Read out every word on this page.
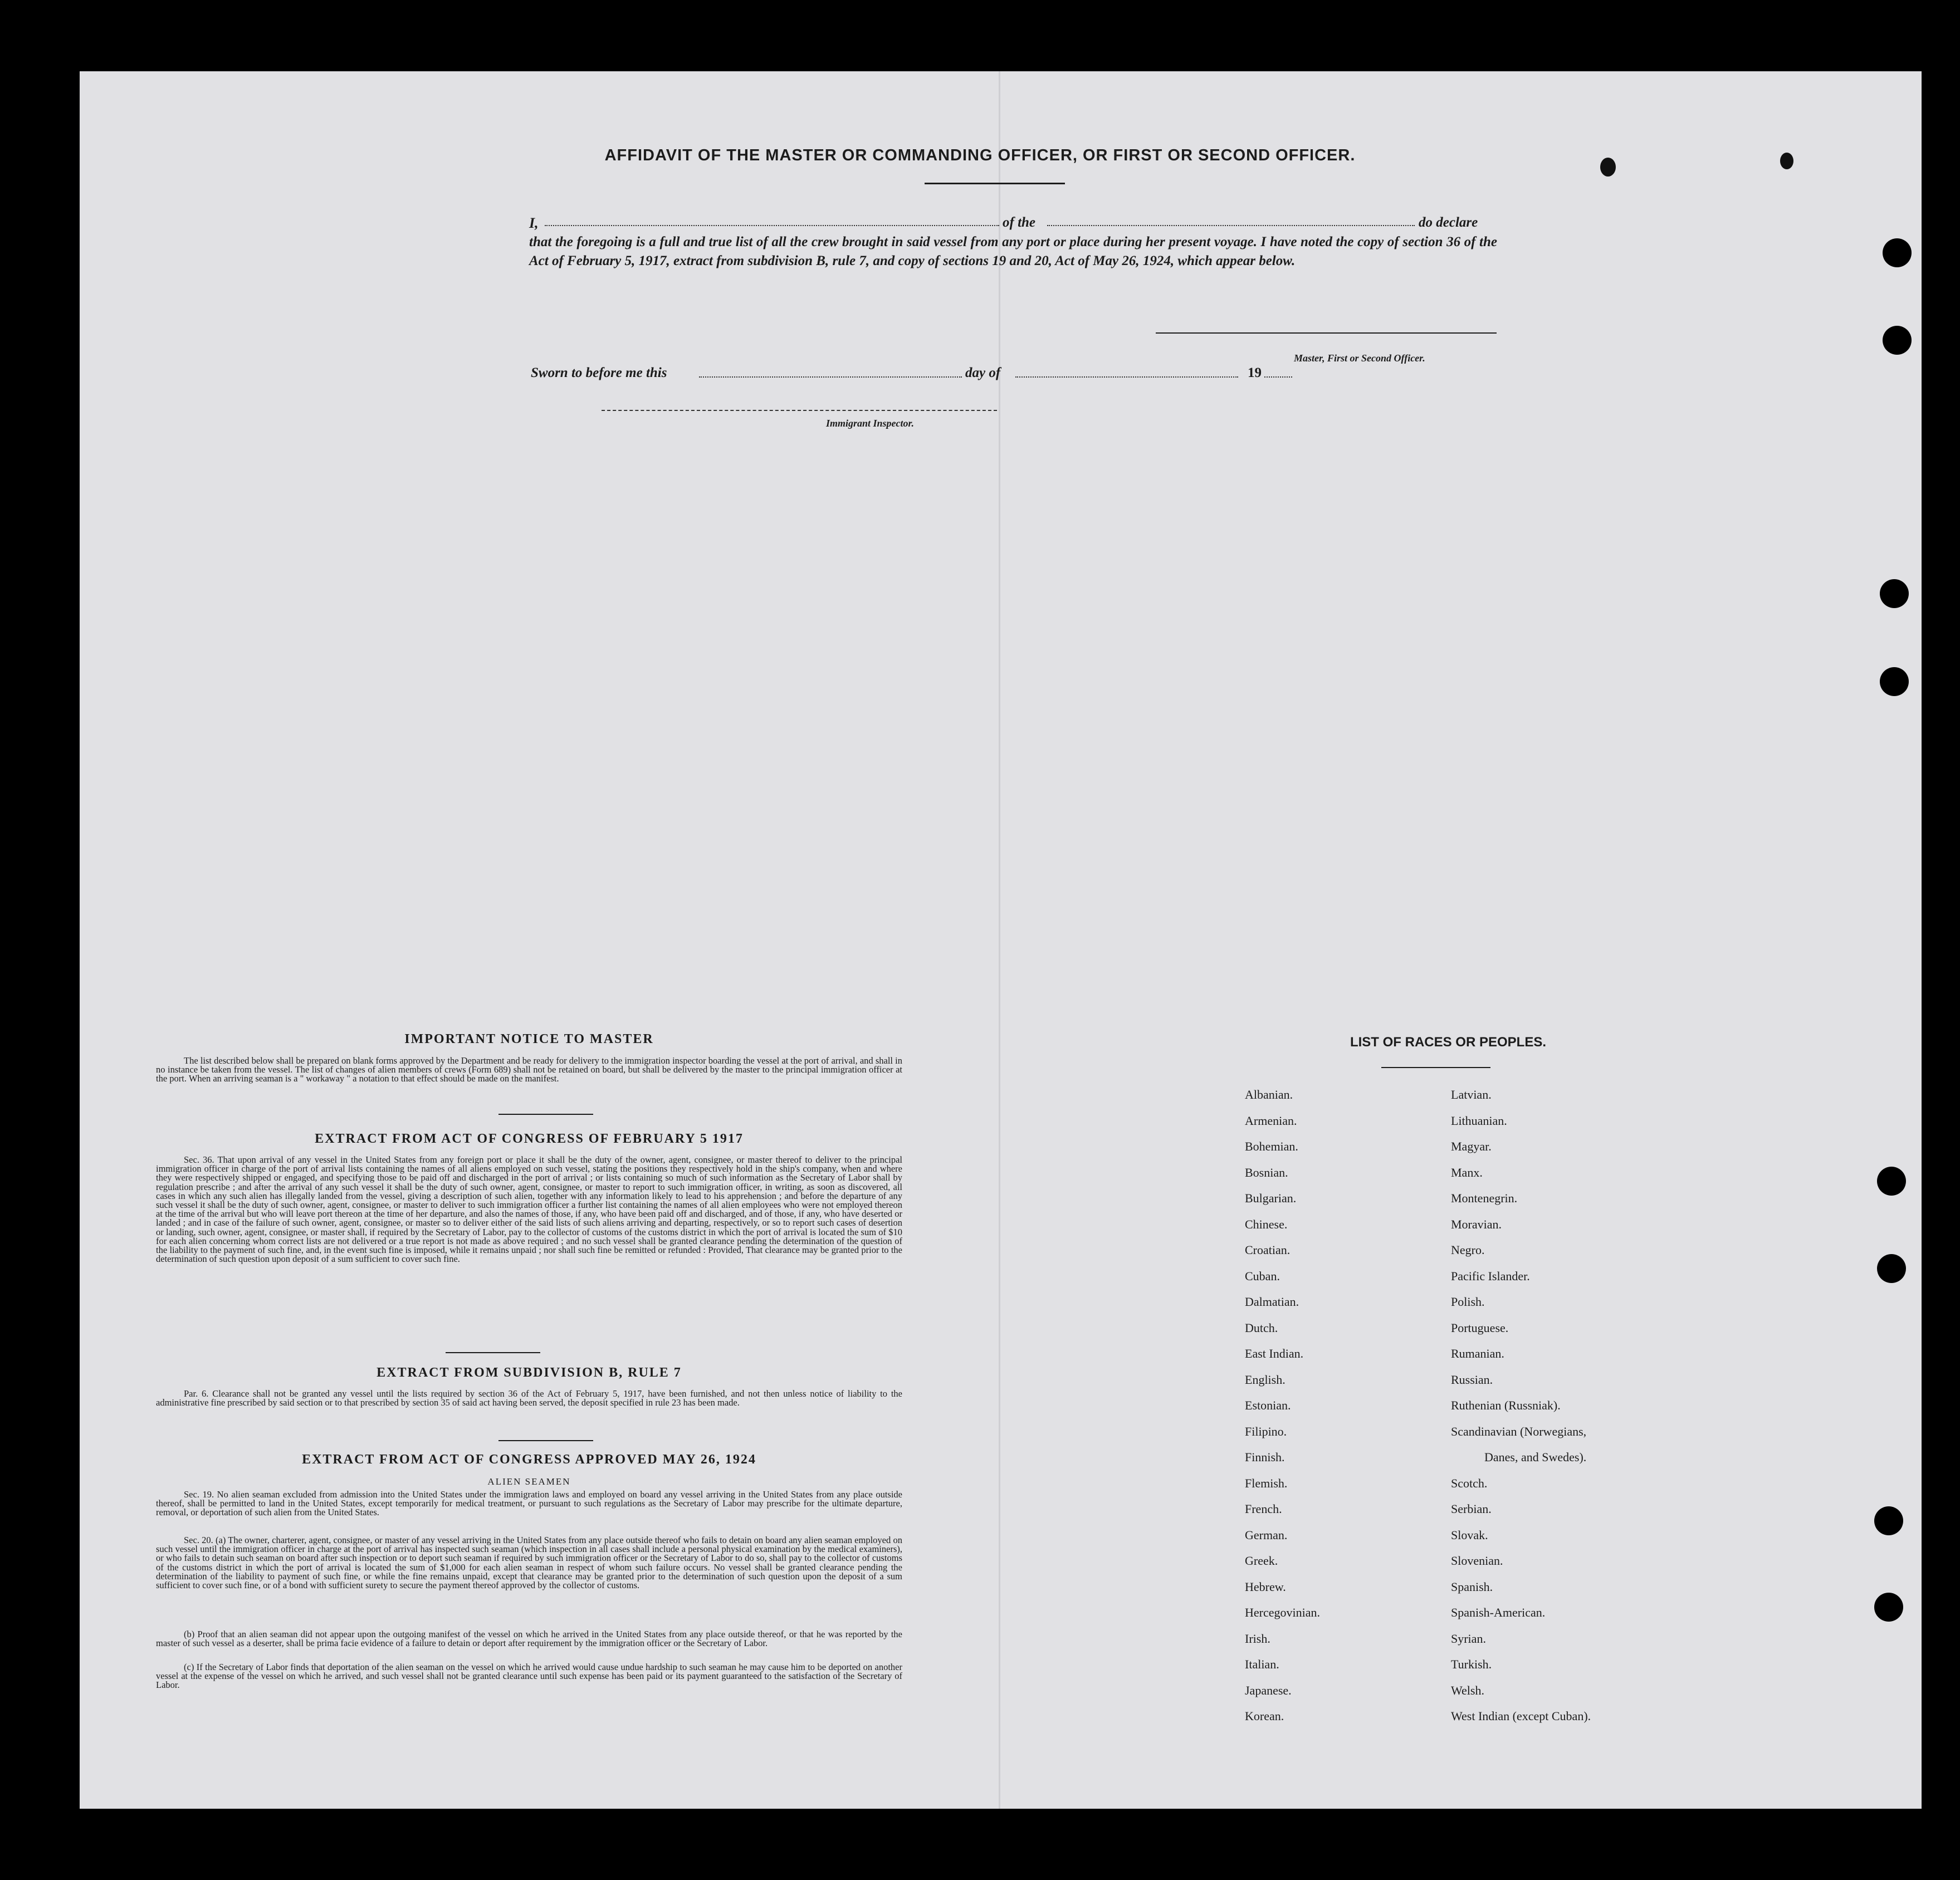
AFFIDAVIT OF THE MASTER OR COMMANDING OFFICER, OR FIRST OR SECOND OFFICER.
I,	of the	do declare
that the foregoing is a full and true list of all the crew brought in said vessel from any port or place during her present voyage. I have noted the copy of section 36 of the Act of February 5, 1917, extract from subdivision B, rule 7, and copy of sections 19 and 20, Act of May 26, 1924, which appear below.
Master, First or Second Officer.
Sworn to before me this	day of	19
Immigrant Inspector.
IMPORTANT NOTICE TO MASTER
The list described below shall be prepared on blank forms approved by the Department and be ready for delivery to the immigration inspector boarding the vessel at the port of arrival, and shall in no instance be taken from the vessel. The list of changes of alien members of crews (Form 689) shall not be retained on board, but shall be delivered by the master to the principal immigration officer at the port. When an arriving seaman is a " workaway " a notation to that effect should be made on the manifest.
EXTRACT FROM ACT OF CONGRESS OF FEBRUARY 5 1917
Sec. 36. That upon arrival of any vessel in the United States from any foreign port or place it shall be the duty of the owner, agent, consignee, or master thereof to deliver to the principal immigration officer in charge of the port of arrival lists containing the names of all aliens employed on such vessel, stating the positions they respectively hold in the ship's company, when and where they were respectively shipped or engaged, and specifying those to be paid off and discharged in the port of arrival ; or lists containing so much of such information as the Secretary of Labor shall by regulation prescribe ; and after the arrival of any such vessel it shall be the duty of such owner, agent, consignee, or master to report to such immigration officer, in writing, as soon as discovered, all cases in which any such alien has illegally landed from the vessel, giving a description of such alien, together with any information likely to lead to his apprehension ; and before the departure of any such vessel it shall be the duty of such owner, agent, consignee, or master to deliver to such immigration officer a further list containing the names of all alien employees who were not employed thereon at the time of the arrival but who will leave port thereon at the time of her departure, and also the names of those, if any, who have been paid off and discharged, and of those, if any, who have deserted or landed ; and in case of the failure of such owner, agent, consignee, or master so to deliver either of the said lists of such aliens arriving and departing, respectively, or so to report such cases of desertion or landing, such owner, agent, consignee, or master shall, if required by the Secretary of Labor, pay to the collector of customs of the customs district in which the port of arrival is located the sum of $10 for each alien concerning whom correct lists are not delivered or a true report is not made as above required ; and no such vessel shall be granted clearance pending the determination of the question of the liability to the payment of such fine, and, in the event such fine is imposed, while it remains unpaid ; nor shall such fine be remitted or refunded : Provided, That clearance may be granted prior to the determination of such question upon deposit of a sum sufficient to cover such fine.
EXTRACT FROM SUBDIVISION B, RULE 7
Par. 6. Clearance shall not be granted any vessel until the lists required by section 36 of the Act of February 5, 1917, have been furnished, and not then unless notice of liability to the administrative fine prescribed by said section or to that prescribed by section 35 of said act having been served, the deposit specified in rule 23 has been made.
EXTRACT FROM ACT OF CONGRESS APPROVED MAY 26, 1924
ALIEN SEAMEN
Sec. 19. No alien seaman excluded from admission into the United States under the immigration laws and employed on board any vessel arriving in the United States from any place outside thereof, shall be permitted to land in the United States, except temporarily for medical treatment, or pursuant to such regulations as the Secretary of Labor may prescribe for the ultimate departure, removal, or deportation of such alien from the United States.
Sec. 20. (a) The owner, charterer, agent, consignee, or master of any vessel arriving in the United States from any place outside thereof who fails to detain on board any alien seaman employed on such vessel until the immigration officer in charge at the port of arrival has inspected such seaman (which inspection in all cases shall include a personal physical examination by the medical examiners), or who fails to detain such seaman on board after such inspection or to deport such seaman if required by such immigration officer or the Secretary of Labor to do so, shall pay to the collector of customs of the customs district in which the port of arrival is located the sum of $1,000 for each alien seaman in respect of whom such failure occurs. No vessel shall be granted clearance pending the determination of the liability to payment of such fine, or while the fine remains unpaid, except that clearance may be granted prior to the determination of such question upon the deposit of a sum sufficient to cover such fine, or of a bond with sufficient surety to secure the payment thereof approved by the collector of customs.
(b) Proof that an alien seaman did not appear upon the outgoing manifest of the vessel on which he arrived in the United States from any place outside thereof, or that he was reported by the master of such vessel as a deserter, shall be prima facie evidence of a failure to detain or deport after requirement by the immigration officer or the Secretary of Labor.
(c) If the Secretary of Labor finds that deportation of the alien seaman on the vessel on which he arrived would cause undue hardship to such seaman he may cause him to be deported on another vessel at the expense of the vessel on which he arrived, and such vessel shall not be granted clearance until such expense has been paid or its payment guaranteed to the satisfaction of the Secretary of Labor.
LIST OF RACES OR PEOPLES.
Albanian.
Armenian.
Bohemian.
Bosnian.
Bulgarian.
Chinese.
Croatian.
Cuban.
Dalmatian.
Dutch.
East Indian.
English.
Estonian.
Filipino.
Finnish.
Flemish.
French.
German.
Greek.
Hebrew.
Hercegovinian.
Irish.
Italian.
Japanese.
Korean.
Latvian.
Lithuanian.
Magyar.
Manx.
Montenegrin.
Moravian.
Negro.
Pacific Islander.
Polish.
Portuguese.
Rumanian.
Russian.
Ruthenian (Russniak).
Scandinavian (Norwegians,
Danes, and Swedes).
Scotch.
Serbian.
Slovak.
Slovenian.
Spanish.
Spanish-American.
Syrian.
Turkish.
Welsh.
West Indian (except Cuban).
